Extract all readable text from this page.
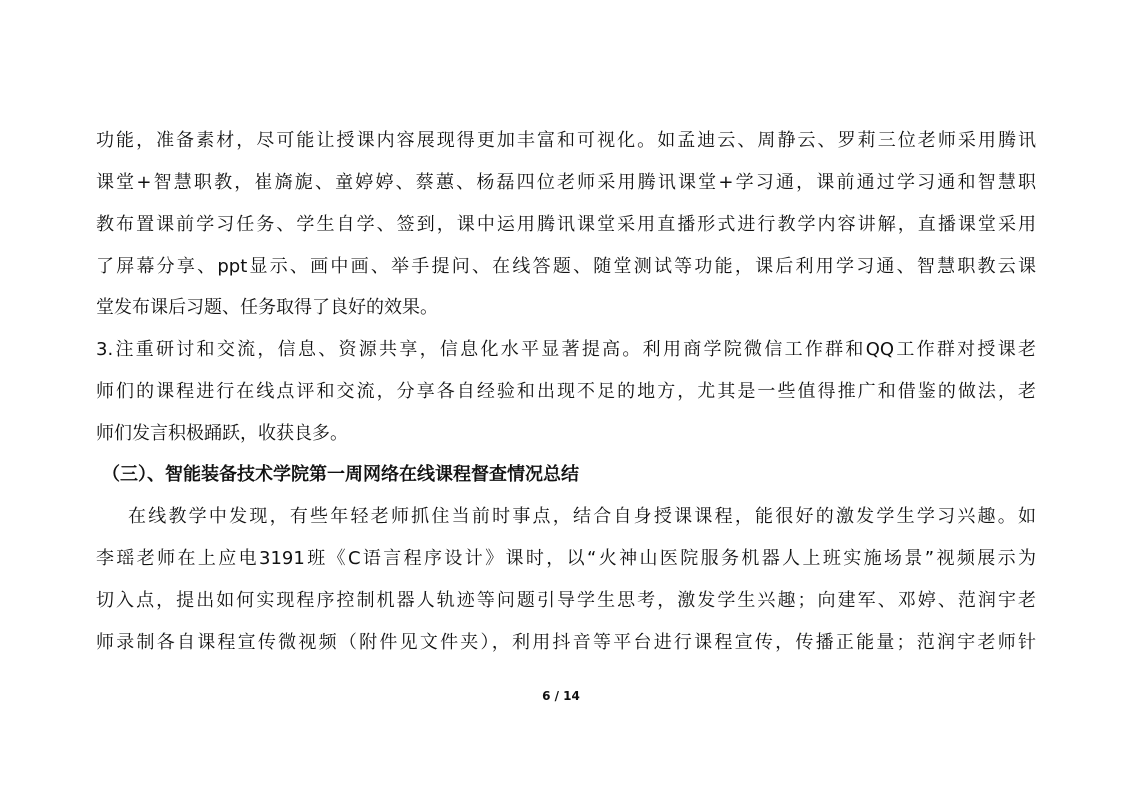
功能，准备素材，尽可能让授课内容展现得更加丰富和可视化。如孟迪云、周静云、罗莉三位老师采用腾讯
课堂+智慧职教，崔旖旎、童婷婷、蔡蕙、杨磊四位老师采用腾讯课堂+学习通，课前通过学习通和智慧职
教布置课前学习任务、学生自学、签到，课中运用腾讯课堂采用直播形式进行教学内容讲解，直播课堂采用
了屏幕分享、ppt显示、画中画、举手提问、在线答题、随堂测试等功能，课后利用学习通、智慧职教云课
堂发布课后习题、任务取得了良好的效果。
3.注重研讨和交流，信息、资源共享，信息化水平显著提高。利用商学院微信工作群和QQ工作群对授课老
师们的课程进行在线点评和交流，分享各自经验和出现不足的地方，尤其是一些值得推广和借鉴的做法，老
师们发言积极踊跃，收获良多。
（三）、智能装备技术学院第一周网络在线课程督查情况总结
在线教学中发现，有些年轻老师抓住当前时事点，结合自身授课课程，能很好的激发学生学习兴趣。如
李瑶老师在上应电3191班《C语言程序设计》课时，以“火神山医院服务机器人上班实施场景”视频展示为
切入点，提出如何实现程序控制机器人轨迹等问题引导学生思考，激发学生兴趣；向建军、邓婷、范润宇老
师录制各自课程宣传微视频（附件见文件夹），利用抖音等平台进行课程宣传，传播正能量；范润宇老师针
6 / 14
